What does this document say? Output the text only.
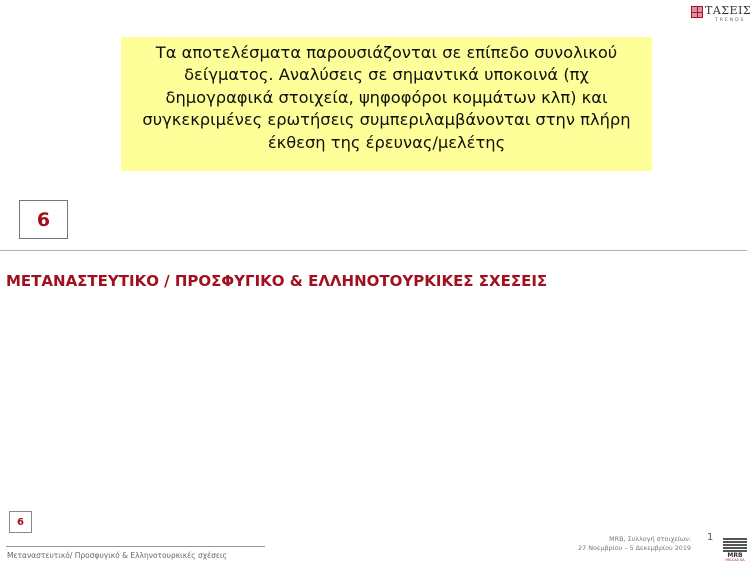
ΤΑΣΕΙΣ
TRENDS
Τα αποτελέσματα παρουσιάζονται σε επίπεδο συνολικού δείγματος. Αναλύσεις σε σημαντικά υποκοινά (πχ δημογραφικά στοιχεία, ψηφοφόροι κομμάτων κλπ) και συγκεκριμένες ερωτήσεις συμπεριλαμβάνονται στην πλήρη έκθεση της έρευνας/μελέτης
6
ΜΕΤΑΝΑΣΤΕΥΤΙΚΟ / ΠΡΟΣΦΥΓΙΚΟ & ΕΛΛΗΝΟΤΟΥΡΚΙΚΕΣ ΣΧΕΣΕΙΣ
6
Μεταναστευτικό/ Προσφυγικό & Ελληνοτουρκικές σχέσεις
MRB, Συλλογή στοιχείων:
27 Νοεμβρίου – 5 Δεκεμβρίου 2019
1
MRB
HELLAS SA
